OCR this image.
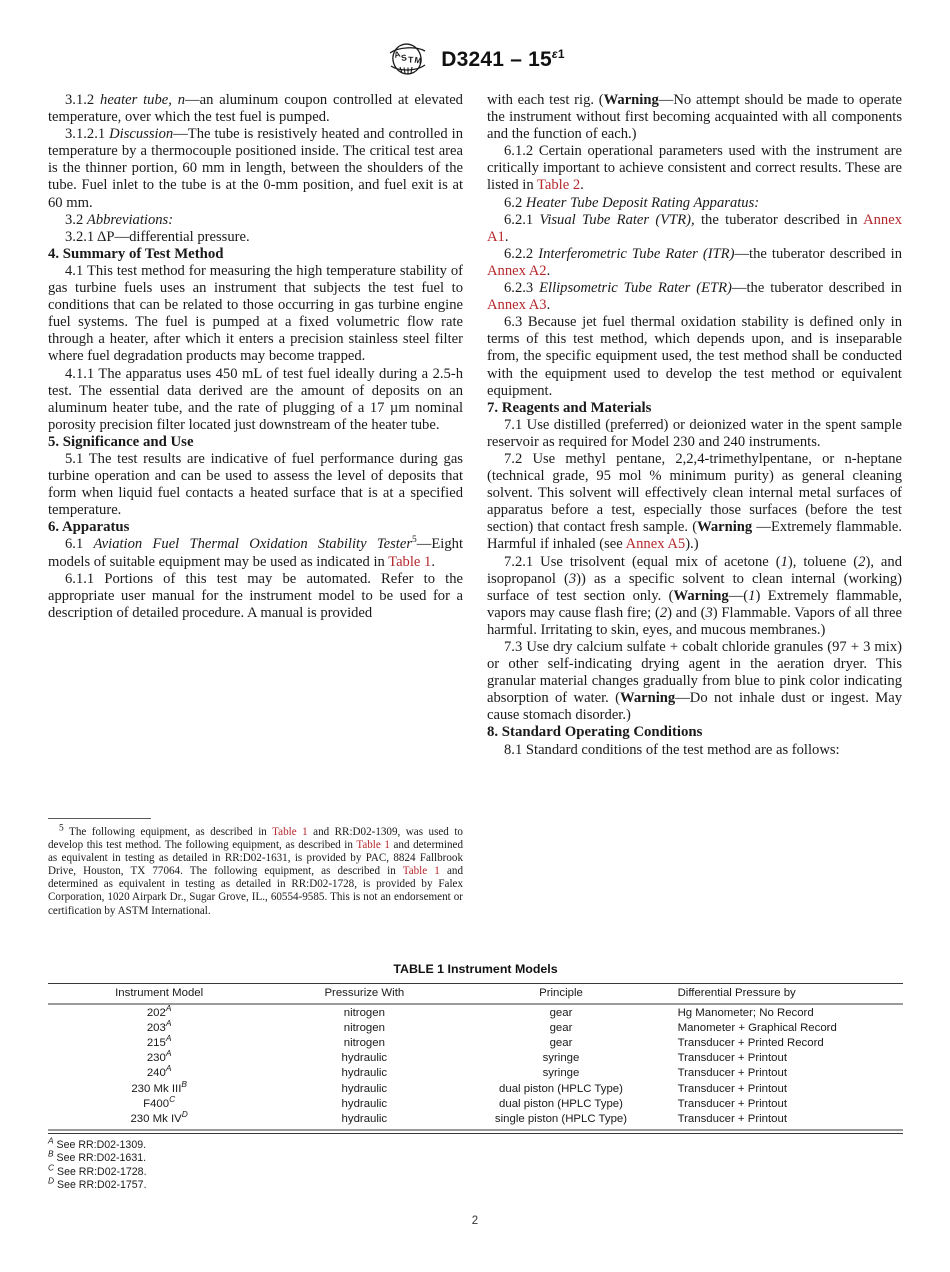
A
S T M $D3241 - 15^{\varepsilon 1}$

3.1.2 heater tube, n—an aluminum coupon controlled at elevated temperature, over which the test fuel is pumped.

3.1.2.1 Discussion—The tube is resistively heated and controlled in temperature by a thermocouple positioned inside. The critical test area is the thinner portion, 60 mm in length, between the shoulders of the tube. Fuel inlet to the tube is at the 0-mm position, and fuel exit is at 60 mm.

3.2 Abbreviations:

3.2.1 ΔP—differential pressure.

4. Summary of Test Method

4.1 This test method for measuring the high temperature stability of gas turbine fuels uses an instrument that subjects the test fuel to conditions that can be related to those occurring in gas turbine engine fuel systems. The fuel is pumped at a fixed volumetric flow rate through a heater, after which it enters a precision stainless steel filter where fuel degradation products may become trapped.

4.1.1 The apparatus uses 450 mL of test fuel ideally during a 2.5-h test. The essential data derived are the amount of deposits on an aluminum heater tube, and the rate of plugging of a 17 µm nominal porosity precision filter located just downstream of the heater tube.

5. Significance and Use

5.1 The test results are indicative of fuel performance during gas turbine operation and can be used to assess the level of deposits that form when liquid fuel contacts a heated surface that is at a specified temperature.

6. Apparatus

6.1 Aviation Fuel Thermal Oxidation Stability Tester$^5$—Eight models of suitable equipment may be used as indicated in Table 1.

6.1.1 Portions of this test may be automated. Refer to the appropriate user manual for the instrument model to be used for a description of detailed procedure. A manual is provided

5 The following equipment, as described in Table 1 and RR:D02-1309, was used to develop this test method. The following equipment, as described in Table 1 and determined as equivalent in testing as detailed in RR:D02-1631, is provided by PAC, 8824 Fallbrook Drive, Houston, TX 77064. The following equipment, as described in Table 1 and determined as equivalent in testing as detailed in RR:D02-1728, is provided by Falex Corporation, 1020 Airpark Dr., Sugar Grove, IL., 60554-9585. This is not an endorsement or certification by ASTM International.

with each test rig. (Warning—No attempt should be made to operate the instrument without first becoming acquainted with all components and the function of each.)

6.1.2 Certain operational parameters used with the instrument are critically important to achieve consistent and correct results. These are listed in Table 2.

6.2 Heater Tube Deposit Rating Apparatus:

6.2.1 Visual Tube Rater (VTR), the tuberator described in Annex A1.

6.2.2 Interferometric Tube Rater (ITR)—the tuberator described in Annex A2.

6.2.3 Ellipsometric Tube Rater (ETR)—the tuberator described in Annex A3.

6.3 Because jet fuel thermal oxidation stability is defined only in terms of this test method, which depends upon, and is inseparable from, the specific equipment used, the test method shall be conducted with the equipment used to develop the test method or equivalent equipment.

7. Reagents and Materials

7.1 Use distilled (preferred) or deionized water in the spent sample reservoir as required for Model 230 and 240 instruments.

7.2 Use methyl pentane, 2,2,4-trimethylpentane, or n-heptane (technical grade, 95 mol % minimum purity) as general cleaning solvent. This solvent will effectively clean internal metal surfaces of apparatus before a test, especially those surfaces (before the test section) that contact fresh sample. (Warning —Extremely flammable. Harmful if inhaled (see Annex A5).)

7.2.1 Use trisolvent (equal mix of acetone (1), toluene (2), and isopropanol (3)) as a specific solvent to clean internal (working) surface of test section only. (Warning—(1) Extremely flammable, vapors may cause flash fire; (2) and (3) Flammable. Vapors of all three harmful. Irritating to skin, eyes, and mucous membranes.)

7.3 Use dry calcium sulfate + cobalt chloride granules (97 + 3 mix) or other self-indicating drying agent in the aeration dryer. This granular material changes gradually from blue to pink color indicating absorption of water. (Warning—Do not inhale dust or ingest. May cause stomach disorder.)

8. Standard Operating Conditions

8.1 Standard conditions of the test method are as follows:

TABLE 1 Instrument Models
Instrument Model	Pressurize With	Principle	Differential Pressure by
$202^A$	nitrogen	gear	Hg Manometer; No Record
$203^A$	nitrogen	gear	Manometer + Graphical Record
$215^A$	nitrogen	gear	Transducer + Printed Record
$230^A$	hydraulic	syringe	Transducer + Printout
$240^A$	hydraulic	syringe	Transducer + Printout
230 Mk $III^B$	hydraulic	dual piston (HPLC Type)	Transducer + Printout
$F400^C$	hydraulic	dual piston (HPLC Type)	Transducer + Printout
230 Mk $IV^D$	hydraulic	single piston (HPLC Type)	Transducer + Printout
$^A$ See RR:D02-1309.
$^B$ See RR:D02-1631.
$^C$ See RR:D02-1728.
$^D$ See RR:D02-1757.
2
